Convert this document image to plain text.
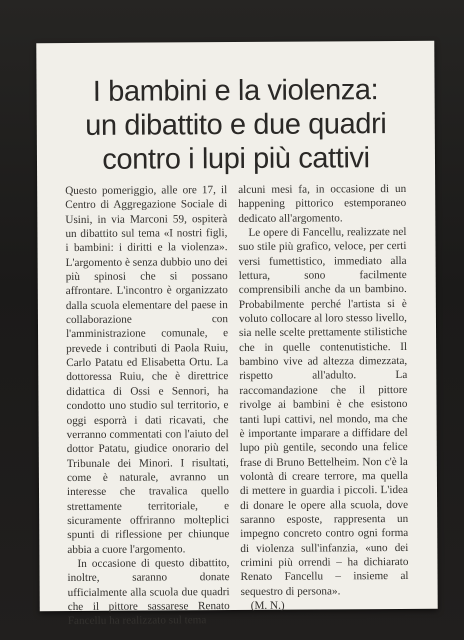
I bambini e la violenza:
un dibattito e due quadri
contro i lupi più cattivi

Questo pomeriggio, alle ore 17, il Centro di Aggregazione Sociale di Usini, in via Marconi 59, ospiterà un dibattito sul tema «I nostri figli, i bambini: i diritti e la violenza». L'argomento è senza dubbio uno dei più spinosi che si possano affrontare. L'incontro è organizzato dalla scuola elementare del paese in collaborazione con l'amministrazione comunale, e prevede i contributi di Paola Ruiu, Carlo Patatu ed Elisabetta Ortu. La dottoressa Ruiu, che è direttrice didattica di Ossi e Sennori, ha condotto uno studio sul territorio, e oggi esporrà i dati ricavati, che verranno commentati con l'aiuto del dottor Patatu, giudice onorario del Tribunale dei Minori. I risultati, come è naturale, avranno un interesse che travalica quello strettamente territoriale, e sicuramente offriranno molteplici spunti di riflessione per chiunque abbia a cuore l'argomento.

In occasione di questo dibattito, inoltre, saranno donate ufficialmente alla scuola due quadri che il pittore sassarese Renato Fancellu ha realizzato sul tema

alcuni mesi fa, in occasione di un happening pittorico estemporaneo dedicato all'argomento.

Le opere di Fancellu, realizzate nel suo stile più grafico, veloce, per certi versi fumettistico, immediato alla lettura, sono facilmente comprensibili anche da un bambino. Probabilmente perché l'artista si è voluto collocare al loro stesso livello, sia nelle scelte prettamente stilistiche che in quelle contenutistiche. Il bambino vive ad altezza dimezzata, rispetto all'adulto. La raccomandazione che il pittore rivolge ai bambini è che esistono tanti lupi cattivi, nel mondo, ma che è importante imparare a diffidare del lupo più gentile, secondo una felice frase di Bruno Bettelheim. Non c'è la volontà di creare terrore, ma quella di mettere in guardia i piccoli. L'idea di donare le opere alla scuola, dove saranno esposte, rappresenta un impegno concreto contro ogni forma di violenza sull'infanzia, «uno dei crimini più orrendi – ha dichiarato Renato Fancellu – insieme al sequestro di persona».

(M. N.)
